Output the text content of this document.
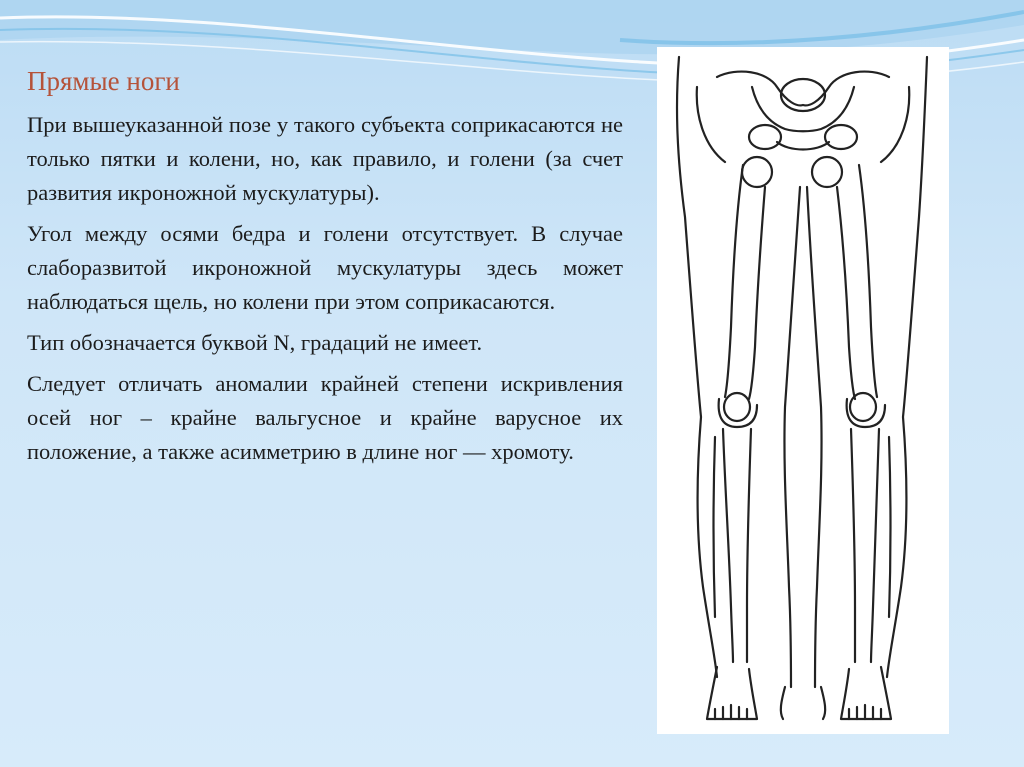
Прямые ноги

При вышеуказанной позе у такого субъекта соприкасаются не только пятки и колени, но, как правило, и голени (за счет развития икроножной мускулатуры).

Угол между осями бедра и голени отсутствует. В случае слаборазвитой икроножной мускулатуры здесь может наблюдаться щель, но колени при этом соприкасаются.

Тип обозначается буквой N, градаций не имеет.

Следует отличать аномалии крайней степени искривления осей ног – крайне вальгусное и крайне варусное их положение, а также асимметрию в длине ног — хромоту.
